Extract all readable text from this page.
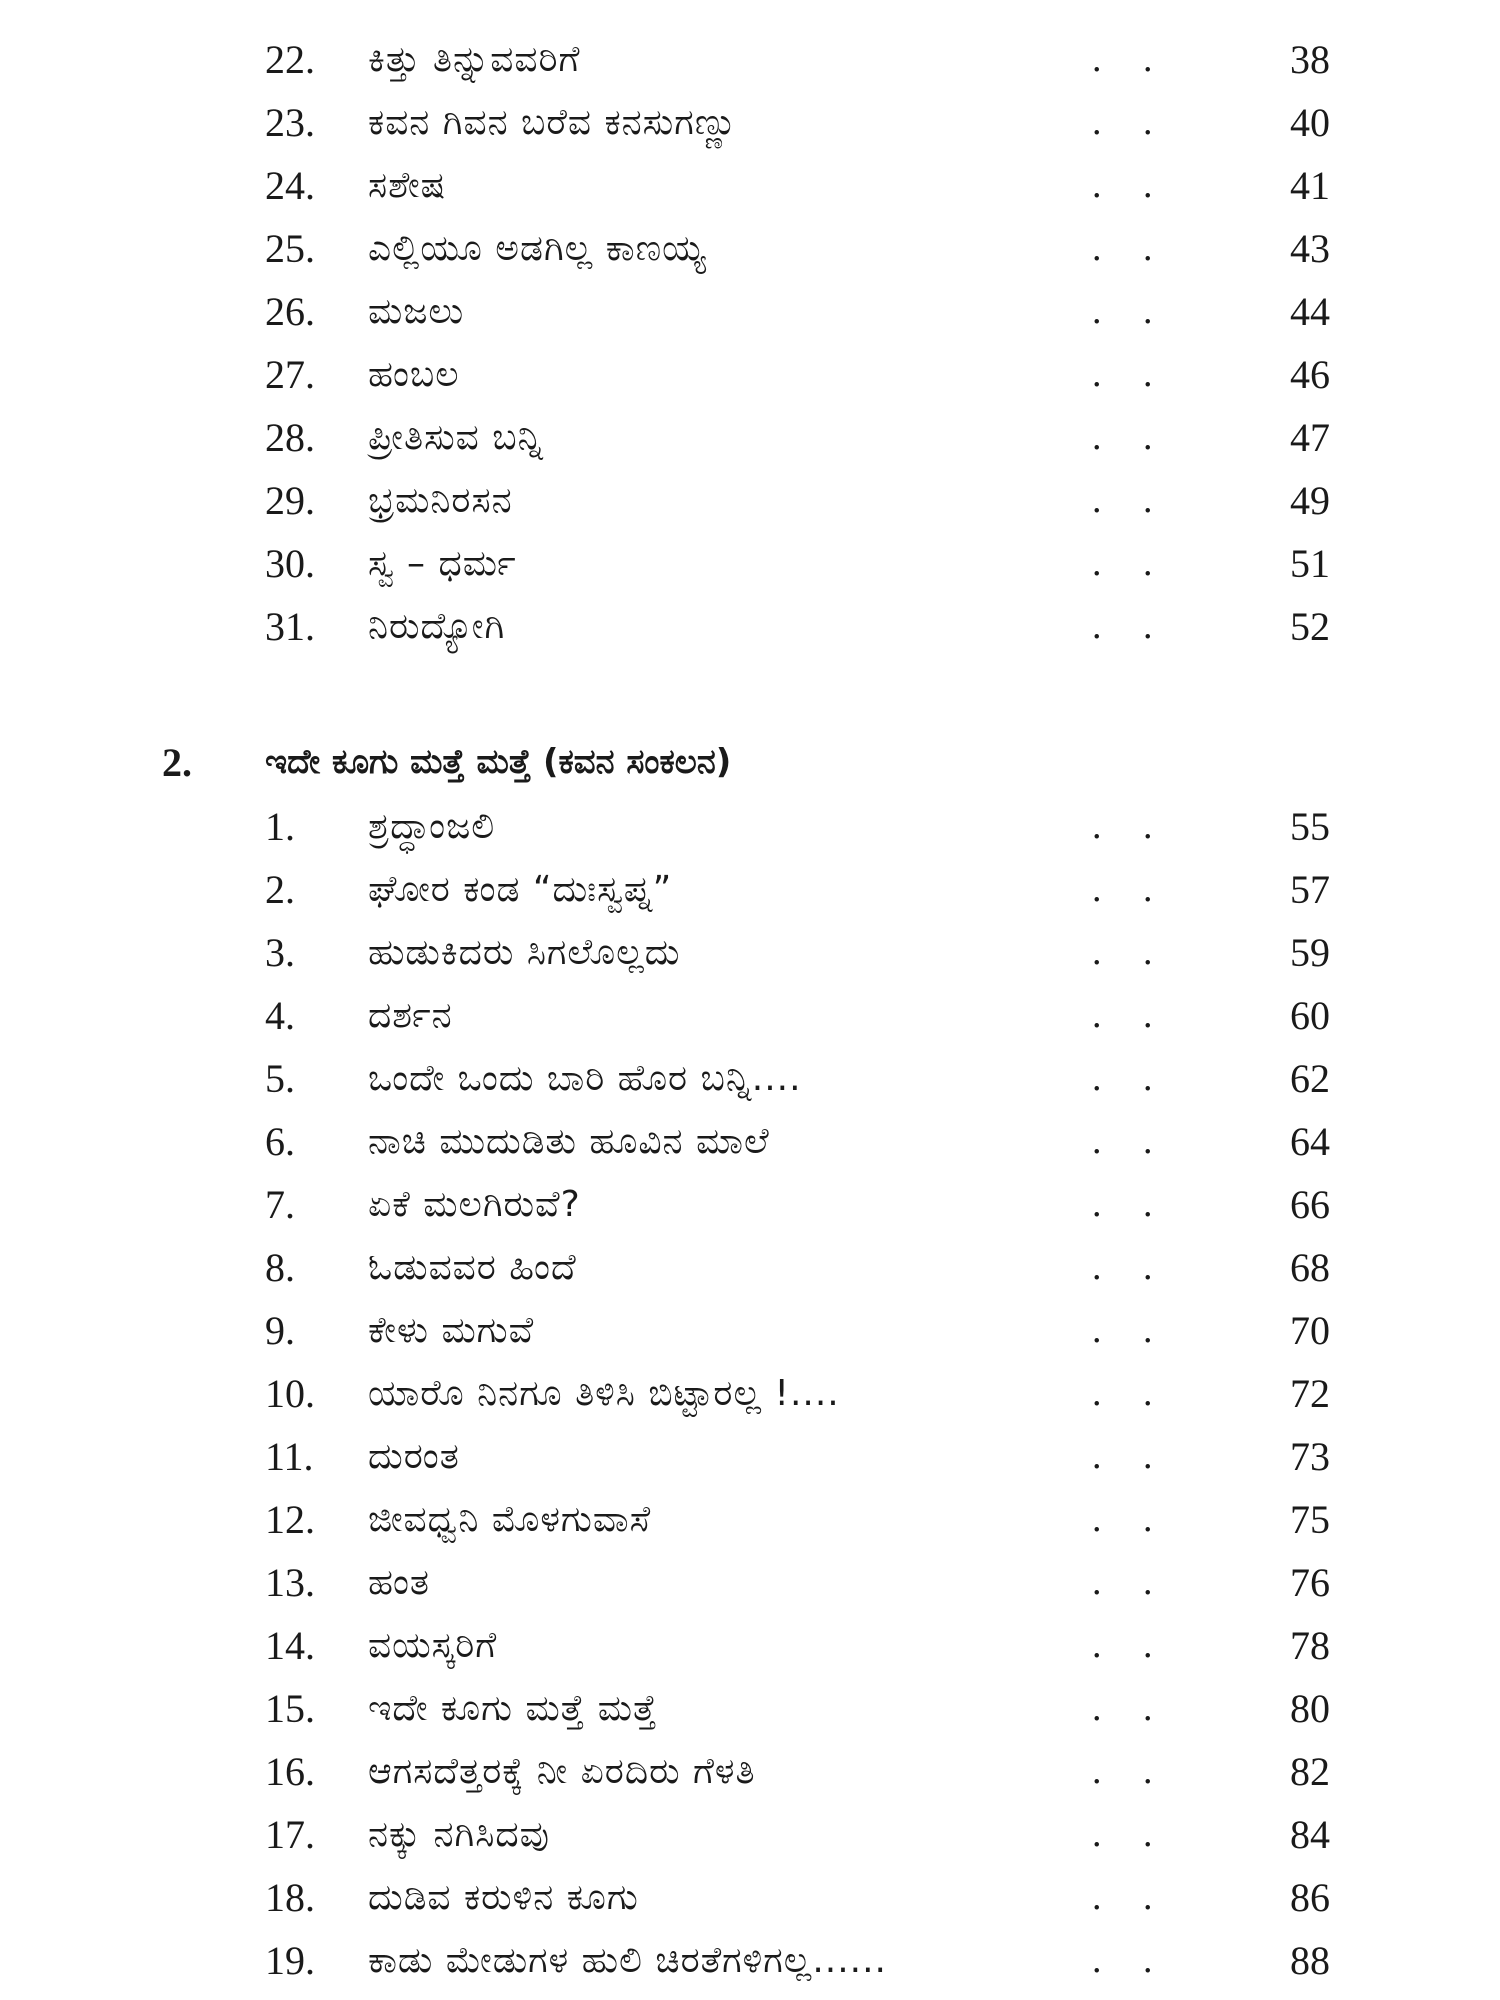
22.	ಕಿತ್ತು ತಿನ್ನುವವರಿಗೆ	. .	38
23.	ಕವನ ಗಿವನ ಬರೆವ ಕನಸುಗಣ್ಣು	. .	40
24.	ಸಶೇಷ	. .	41
25.	ಎಲ್ಲಿಯೂ ಅಡಗಿಲ್ಲ ಕಾಣಯ್ಯ	. .	43
26.	ಮಜಲು	. .	44
27.	ಹಂಬಲ	. .	46
28.	ಪ್ರೀತಿಸುವ ಬನ್ನಿ	. .	47
29.	ಭ್ರಮನಿರಸನ	. .	49
30.	ಸ್ವ – ಧರ್ಮ	. .	51
31.	ನಿರುದ್ಯೋಗಿ	. .	52
2. ಇದೇ ಕೂಗು ಮತ್ತೆ ಮತ್ತೆ (ಕವನ ಸಂಕಲನ)
1.	ಶ್ರದ್ಧಾಂಜಲಿ	. .	55
2.	ಘೋರ ಕಂಡ “ದುಃಸ್ವಪ್ನ”	. .	57
3.	ಹುಡುಕಿದರು ಸಿಗಲೊಲ್ಲದು	. .	59
4.	ದರ್ಶನ	. .	60
5.	ಒಂದೇ ಒಂದು ಬಾರಿ ಹೊರ ಬನ್ನಿ....	. .	62
6.	ನಾಚಿ ಮುದುಡಿತು ಹೂವಿನ ಮಾಲೆ	. .	64
7.	ಏಕೆ ಮಲಗಿರುವೆ?	. .	66
8.	ಓಡುವವರ ಹಿಂದೆ	. .	68
9.	ಕೇಳು ಮಗುವೆ	. .	70
10.	ಯಾರೊ ನಿನಗೂ ತಿಳಿಸಿ ಬಿಟ್ಟಾರಲ್ಲ !....	. .	72
11.	ದುರಂತ	. .	73
12.	ಜೀವಧ್ವನಿ ಮೊಳಗುವಾಸೆ	. .	75
13.	ಹಂತ	. .	76
14.	ವಯಸ್ಕರಿಗೆ	. .	78
15.	ಇದೇ ಕೂಗು ಮತ್ತೆ ಮತ್ತೆ	. .	80
16.	ಆಗಸದೆತ್ತರಕ್ಕೆ ನೀ ಏರದಿರು ಗೆಳತಿ	. .	82
17.	ನಕ್ಕು ನಗಿಸಿದವು	. .	84
18.	ದುಡಿವ ಕರುಳಿನ ಕೂಗು	. .	86
19.	ಕಾಡು ಮೇಡುಗಳ ಹುಲಿ ಚಿರತೆಗಳಿಗಲ್ಲ......	. .	88
